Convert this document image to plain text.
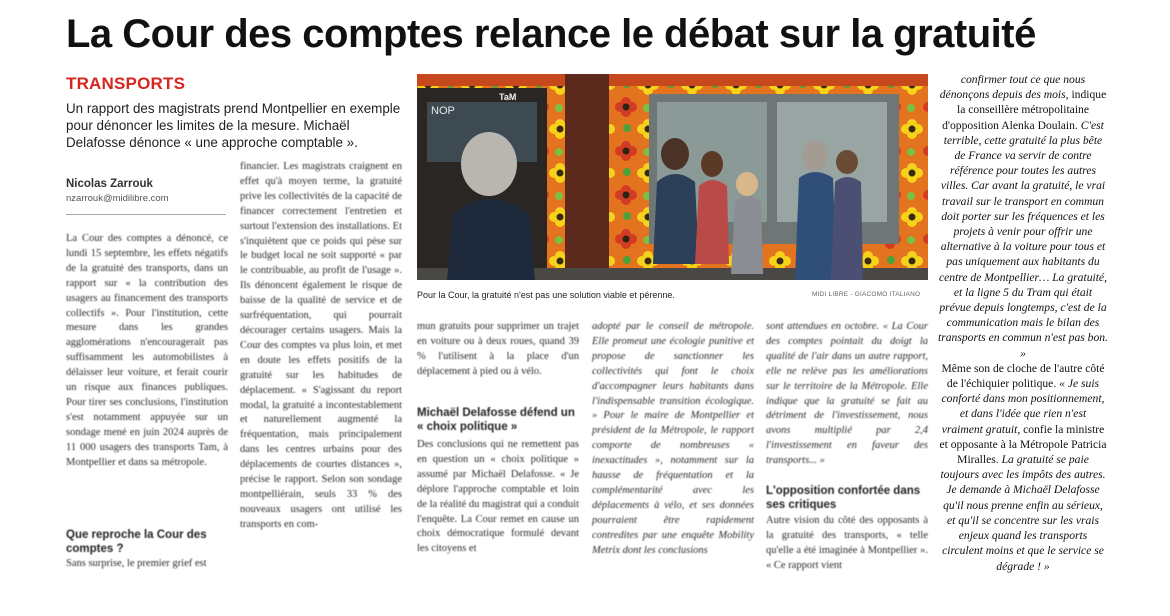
La Cour des comptes relance le débat sur la gratuité
TRANSPORTS

Un rapport des magistrats prend Montpellier en exemple pour dénoncer les limites de la mesure. Michaël Delafosse dénonce « une approche comptable ».

Nicolas Zarrouk
nzarrouk@midilibre.com

La Cour des comptes a dénoncé, ce lundi 15 septembre, les effets négatifs de la gratuité des transports, dans un rapport sur « la contribution des usagers au financement des transports collectifs ». Pour l'institution, cette mesure dans les grandes agglomérations n'encouragerait pas suffisamment les automobilistes à délaisser leur voiture, et ferait courir un risque aux finances publiques. Pour tirer ses conclusions, l'institution s'est notamment appuyée sur un sondage mené en juin 2024 auprès de 11 000 usagers des transports Tam, à Montpellier et dans sa métropole.

Que reproche la Cour des comptes ?

Sans surprise, le premier grief est

financier. Les magistrats craignent en effet qu'à moyen terme, la gratuité prive les collectivités de la capacité de financer correctement l'entretien et surtout l'extension des installations. Et s'inquiètent que ce poids qui pèse sur le budget local ne soit supporté « par le contribuable, au profit de l'usage ». Ils dénoncent également le risque de baisse de la qualité de service et de surfréquentation, qui pourrait décourager certains usagers. Mais la Cour des comptes va plus loin, et met en doute les effets positifs de la gratuité sur les habitudes de déplacement. « S'agissant du report modal, la gratuité a incontestablement et naturellement augmenté la fréquentation, mais principalement dans les centres urbains pour des déplacements de courtes distances », précise le rapport. Selon son sondage montpelliérain, seuls 33 % des nouveaux usagers ont utilisé les transports en com-

NOP
TaM
Pour la Cour, la gratuité n'est pas une solution viable et pérenne.	MIDI LIBRE - GIACOMO ITALIANO

mun gratuits pour supprimer un trajet en voiture ou à deux roues, quand 39 % l'utilisent à la place d'un déplacement à pied ou à vélo.

Michaël Delafosse défend un « choix politique »

Des conclusions qui ne remettent pas en question un « choix politique » assumé par Michaël Delafosse. « Je déplore l'approche comptable et loin de la réalité du magistrat qui a conduit l'enquête. La Cour remet en cause un choix démocratique formulé devant les citoyens et

adopté par le conseil de métropole. Elle promeut une écologie punitive et propose de sanctionner les collectivités qui font le choix d'accompagner leurs habitants dans l'indispensable transition écologique. » Pour le maire de Montpellier et président de la Métropole, le rapport comporte de nombreuses « inexactitudes », notamment sur la hausse de fréquentation et la complémentarité avec les déplacements à vélo, et ses données pourraient être rapidement contredites par une enquête Mobility Metrix dont les conclusions

sont attendues en octobre. « La Cour des comptes pointait du doigt la qualité de l'air dans un autre rapport, elle ne relève pas les améliorations sur le territoire de la Métropole. Elle indique que la gratuité se fait au détriment de l'investissement, nous avons multiplié par 2,4 l'investissement en faveur des transports... »

L'opposition confortée dans ses critiques

Autre vision du côté des opposants à la gratuité des transports, « telle qu'elle a été imaginée à Montpellier ». « Ce rapport vient

confirmer tout ce que nous dénonçons depuis des mois, indique la conseillère métropolitaine d'opposition Alenka Doulain. C'est terrible, cette gratuité la plus bête de France va servir de contre référence pour toutes les autres villes. Car avant la gratuité, le vrai travail sur le transport en commun doit porter sur les fréquences et les projets à venir pour offrir une alternative à la voiture pour tous et pas uniquement aux habitants du centre de Montpellier… La gratuité, et la ligne 5 du Tram qui était prévue depuis longtemps, c'est de la communication mais le bilan des transports en commun n'est pas bon. »
Même son de cloche de l'autre côté de l'échiquier politique. « Je suis conforté dans mon positionnement, et dans l'idée que rien n'est vraiment gratuit, confie la ministre et opposante à la Métropole Patricia Miralles. La gratuité se paie toujours avec les impôts des autres. Je demande à Michaël Delafosse qu'il nous prenne enfin au sérieux, et qu'il se concentre sur les vrais enjeux quand les transports circulent moins et que le service se dégrade ! »
